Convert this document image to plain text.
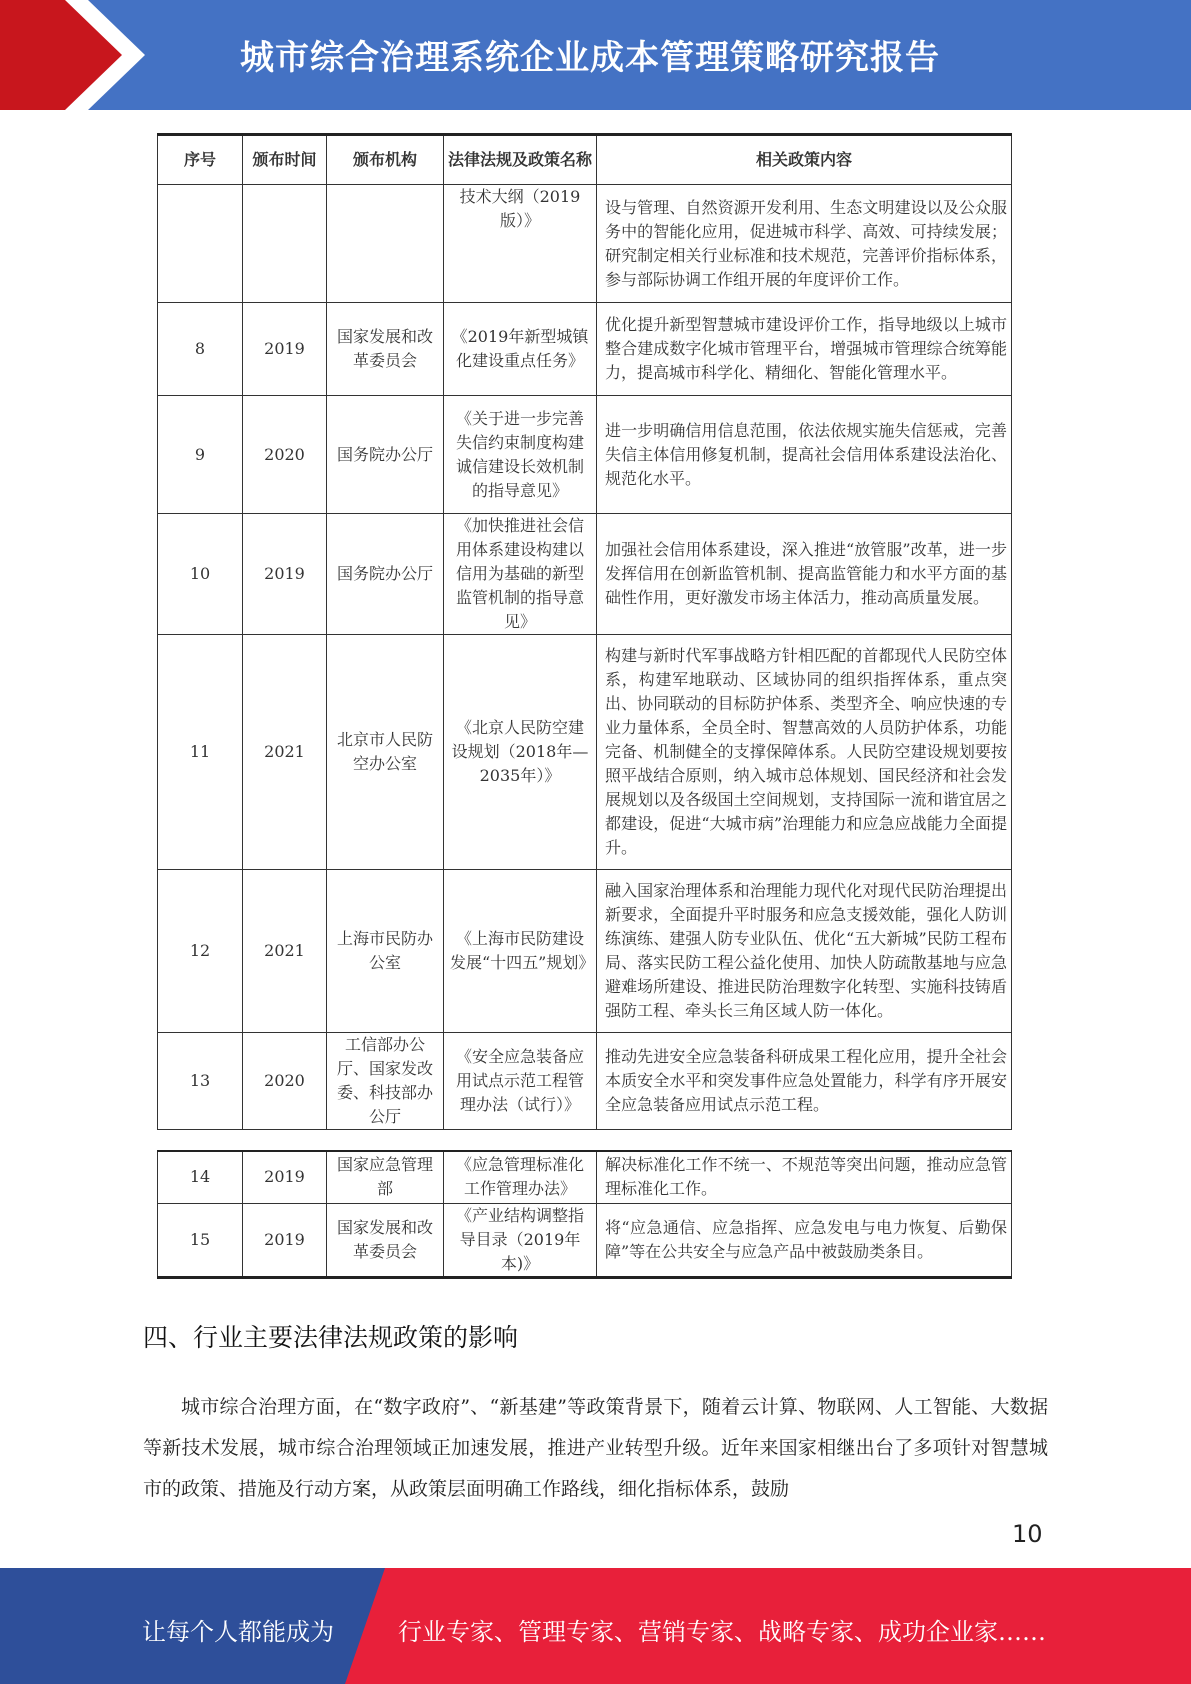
城市综合治理系统企业成本管理策略研究报告
序号	颁布时间	颁布机构	法律法规及政策名称	相关政策内容
			技术大纲（2019版）》	设与管理、自然资源开发利用、生态文明建设以及公众服务中的智能化应用，促进城市科学、高效、可持续发展；研究制定相关行业标准和技术规范，完善评价指标体系，参与部际协调工作组开展的年度评价工作。
8	2019	国家发展和改革委员会	《2019年新型城镇化建设重点任务》	优化提升新型智慧城市建设评价工作，指导地级以上城市整合建成数字化城市管理平台，增强城市管理综合统筹能力，提高城市科学化、精细化、智能化管理水平。
9	2020	国务院办公厅	《关于进一步完善失信约束制度构建诚信建设长效机制的指导意见》	进一步明确信用信息范围，依法依规实施失信惩戒，完善失信主体信用修复机制，提高社会信用体系建设法治化、规范化水平。
10	2019	国务院办公厅	《加快推进社会信用体系建设构建以信用为基础的新型监管机制的指导意见》	加强社会信用体系建设，深入推进“放管服”改革，进一步发挥信用在创新监管机制、提高监管能力和水平方面的基础性作用，更好激发市场主体活力，推动高质量发展。
11	2021	北京市人民防空办公室	《北京人民防空建设规划（2018年—2035年）》	构建与新时代军事战略方针相匹配的首都现代人民防空体系，构建军地联动、区域协同的组织指挥体系，重点突出、协同联动的目标防护体系、类型齐全、响应快速的专业力量体系，全员全时、智慧高效的人员防护体系，功能完备、机制健全的支撑保障体系。人民防空建设规划要按照平战结合原则，纳入城市总体规划、国民经济和社会发展规划以及各级国土空间规划，支持国际一流和谐宜居之都建设，促进“大城市病”治理能力和应急应战能力全面提升。
12	2021	上海市民防办公室	《上海市民防建设发展“十四五”规划》	融入国家治理体系和治理能力现代化对现代民防治理提出新要求，全面提升平时服务和应急支援效能，强化人防训练演练、建强人防专业队伍、优化“五大新城”民防工程布局、落实民防工程公益化使用、加快人防疏散基地与应急避难场所建设、推进民防治理数字化转型、实施科技铸盾强防工程、牵头长三角区域人防一体化。
13	2020	工信部办公厅、国家发改委、科技部办公厅	《安全应急装备应用试点示范工程管理办法（试行）》	推动先进安全应急装备科研成果工程化应用，提升全社会本质安全水平和突发事件应急处置能力，科学有序开展安全应急装备应用试点示范工程。
14	2019	国家应急管理部	《应急管理标准化工作管理办法》	解决标准化工作不统一、不规范等突出问题，推动应急管理标准化工作。
15	2019	国家发展和改革委员会	《产业结构调整指导目录（2019年本)》	将“应急通信、应急指挥、应急发电与电力恢复、后勤保障”等在公共安全与应急产品中被鼓励类条目。
四、行业主要法律法规政策的影响
城市综合治理方面，在“数字政府”、“新基建”等政策背景下，随着云计算、物联网、人工智能、大数据等新技术发展，城市综合治理领域正加速发展，推进产业转型升级。近年来国家相继出台了多项针对智慧城市的政策、措施及行动方案，从政策层面明确工作路线，细化指标体系，鼓励
10
让每个人都能成为	行业专家、管理专家、营销专家、战略专家、成功企业家……
